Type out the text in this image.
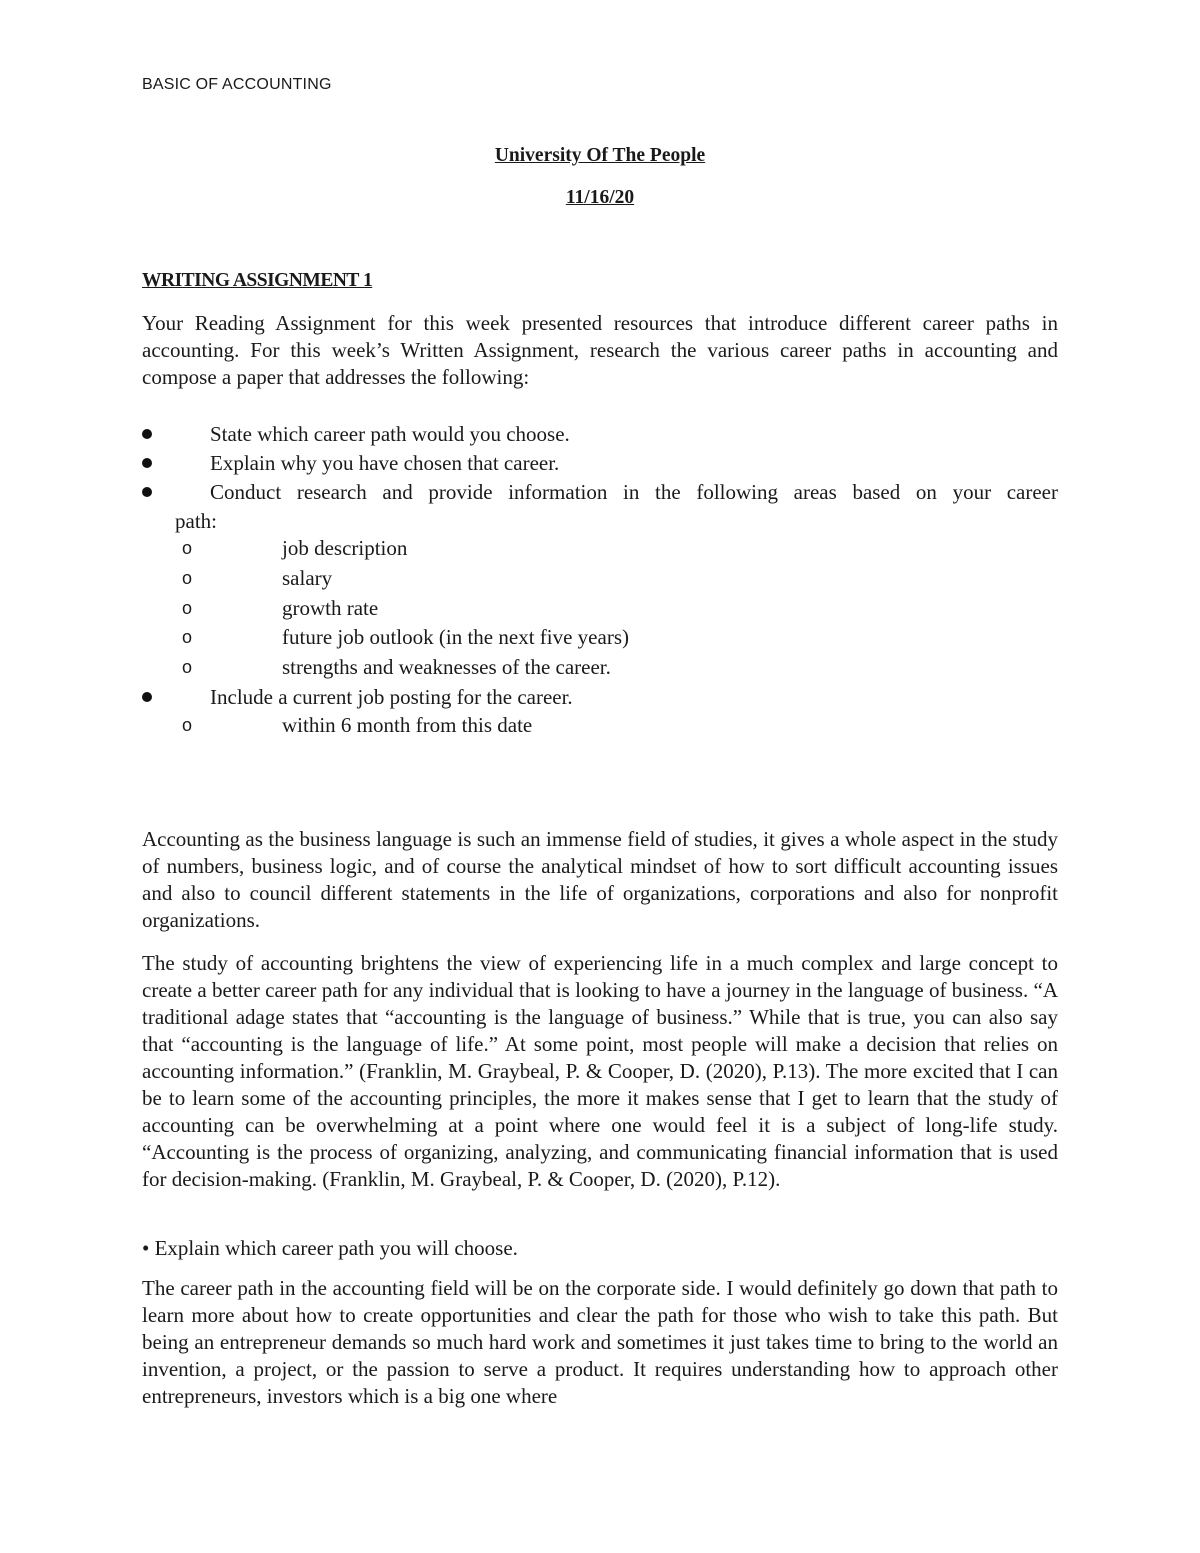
BASIC OF ACCOUNTING
University Of The People
11/16/20
WRITING ASSIGNMENT 1
Your Reading Assignment for this week presented resources that introduce different career paths in accounting. For this week’s Written Assignment, research the various career paths in accounting and compose a paper that addresses the following:
State which career path would you choose.
Explain why you have chosen that career.
Conduct research and provide information in the following areas based on your career
path:
o	job description
o	salary
o	growth rate
o	future job outlook (in the next five years)
o	strengths and weaknesses of the career.
Include a current job posting for the career.
o	within 6 month from this date
Accounting as the business language is such an immense field of studies, it gives a whole aspect in the study of numbers, business logic, and of course the analytical mindset of how to sort difficult accounting issues and also to council different statements in the life of organizations, corporations and also for nonprofit organizations.
The study of accounting brightens the view of experiencing life in a much complex and large concept to create a better career path for any individual that is looking to have a journey in the language of business. “A traditional adage states that “accounting is the language of business.” While that is true, you can also say that “accounting is the language of life.” At some point, most people will make a decision that relies on accounting information.” (Franklin, M. Graybeal, P. & Cooper, D. (2020), P.13). The more excited that I can be to learn some of the accounting principles, the more it makes sense that I get to learn that the study of accounting can be overwhelming at a point where one would feel it is a subject of long-life study. “Accounting is the process of organizing, analyzing, and communicating financial information that is used for decision-making. (Franklin, M. Graybeal, P. & Cooper, D. (2020), P.12).
• Explain which career path you will choose.
The career path in the accounting field will be on the corporate side. I would definitely go down that path to learn more about how to create opportunities and clear the path for those who wish to take this path. But being an entrepreneur demands so much hard work and sometimes it just takes time to bring to the world an invention, a project, or the passion to serve a product. It requires understanding how to approach other entrepreneurs, investors which is a big one where
